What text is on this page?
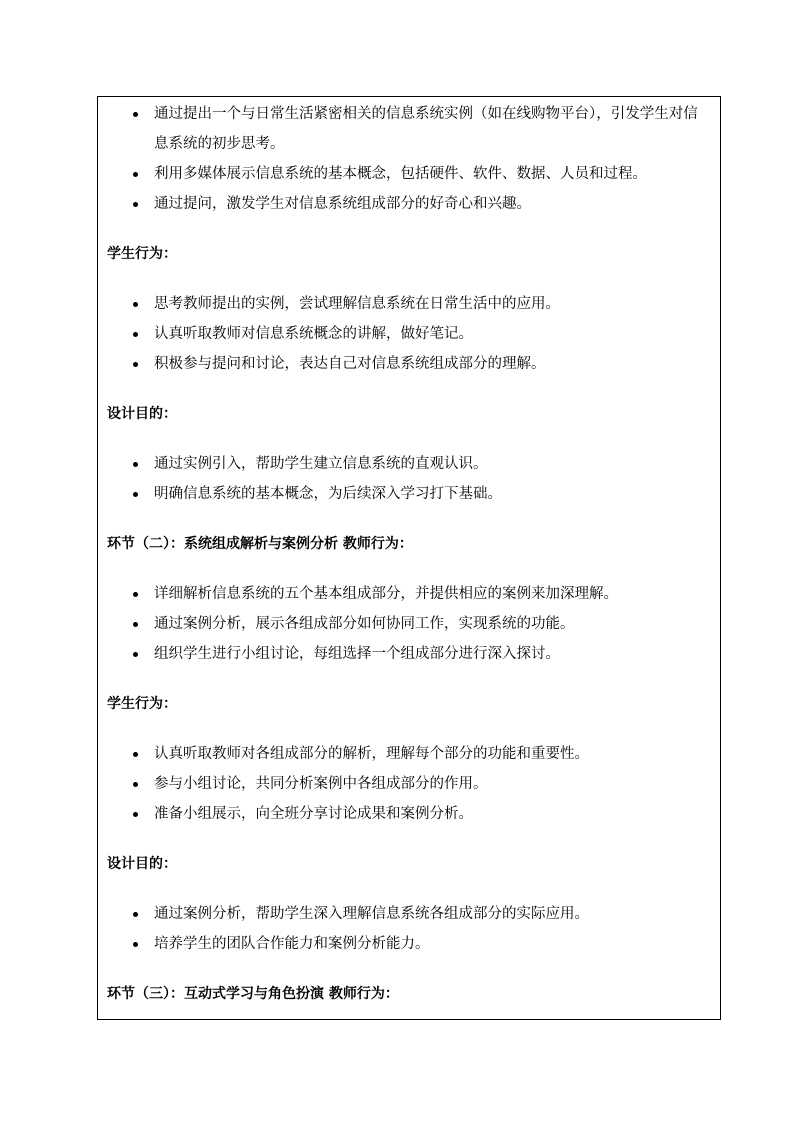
通过提出一个与日常生活紧密相关的信息系统实例（如在线购物平台），引发学生对信息系统的初步思考。
利用多媒体展示信息系统的基本概念，包括硬件、软件、数据、人员和过程。
通过提问，激发学生对信息系统组成部分的好奇心和兴趣。

学生行为：

思考教师提出的实例，尝试理解信息系统在日常生活中的应用。
认真听取教师对信息系统概念的讲解，做好笔记。
积极参与提问和讨论，表达自己对信息系统组成部分的理解。

设计目的：

通过实例引入，帮助学生建立信息系统的直观认识。
明确信息系统的基本概念，为后续深入学习打下基础。

环节（二）：系统组成解析与案例分析 教师行为：

详细解析信息系统的五个基本组成部分，并提供相应的案例来加深理解。
通过案例分析，展示各组成部分如何协同工作，实现系统的功能。
组织学生进行小组讨论，每组选择一个组成部分进行深入探讨。

学生行为：

认真听取教师对各组成部分的解析，理解每个部分的功能和重要性。
参与小组讨论，共同分析案例中各组成部分的作用。
准备小组展示，向全班分享讨论成果和案例分析。

设计目的：

通过案例分析，帮助学生深入理解信息系统各组成部分的实际应用。
培养学生的团队合作能力和案例分析能力。

环节（三）：互动式学习与角色扮演 教师行为：
